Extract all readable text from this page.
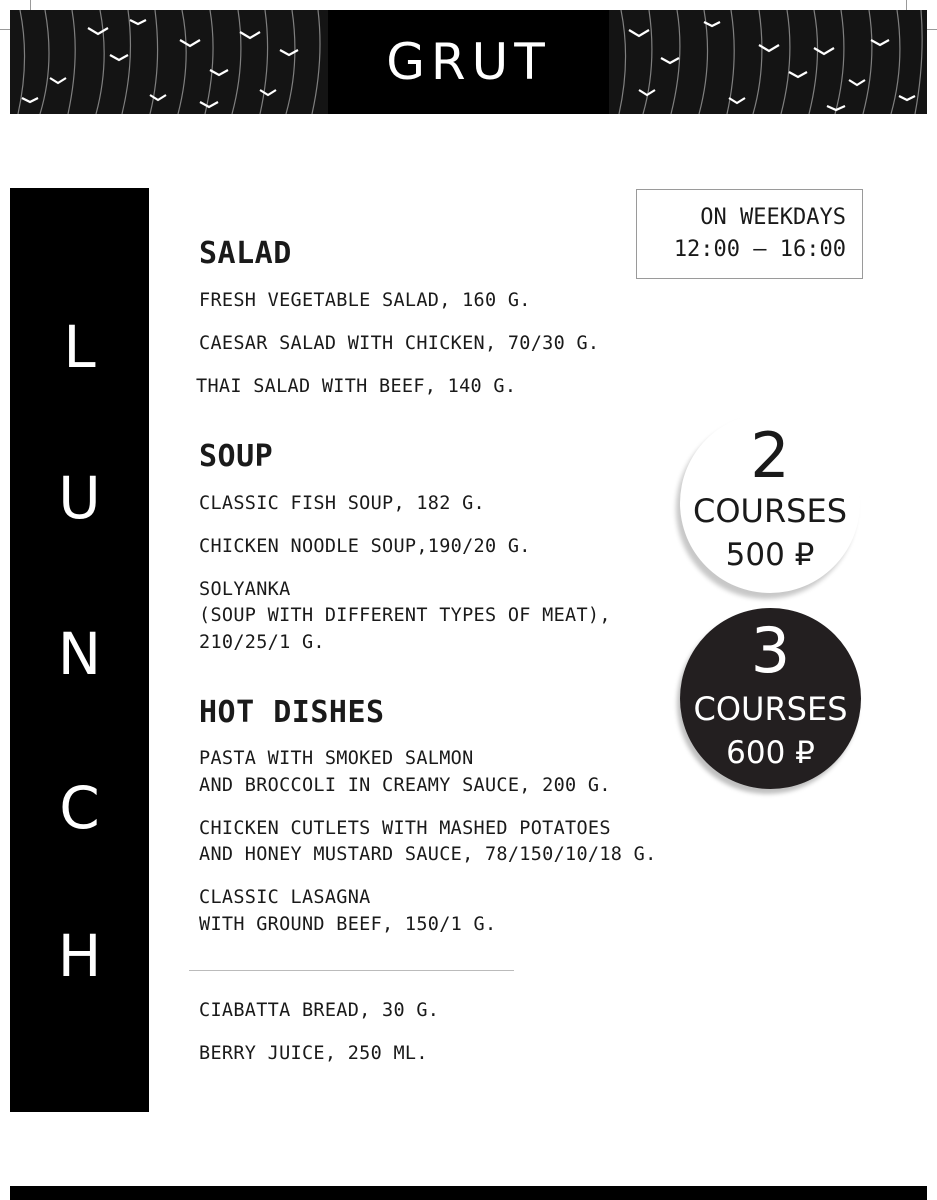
GRUT
L
U
N
C
H
ON WEEKDAYS
12:00 – 16:00
SALAD
FRESH VEGETABLE SALAD, 160 G.
CAESAR SALAD WITH CHICKEN, 70/30 G.
THAI SALAD WITH BEEF, 140 G.
SOUP
CLASSIC FISH SOUP, 182 G.
CHICKEN NOODLE SOUP,190/20 G.
SOLYANKA
(SOUP WITH DIFFERENT TYPES OF MEAT),
210/25/1 G.
HOT DISHES
PASTA WITH SMOKED SALMON
AND BROCCOLI IN CREAMY SAUCE, 200 G.
CHICKEN CUTLETS WITH MASHED POTATOES
AND HONEY MUSTARD SAUCE, 78/150/10/18 G.
CLASSIC LASAGNA
WITH GROUND BEEF, 150/1 G.
CIABATTA BREAD, 30 G.
BERRY JUICE, 250 ML.
2
COURSES
500 ₽
3
COURSES
600 ₽
